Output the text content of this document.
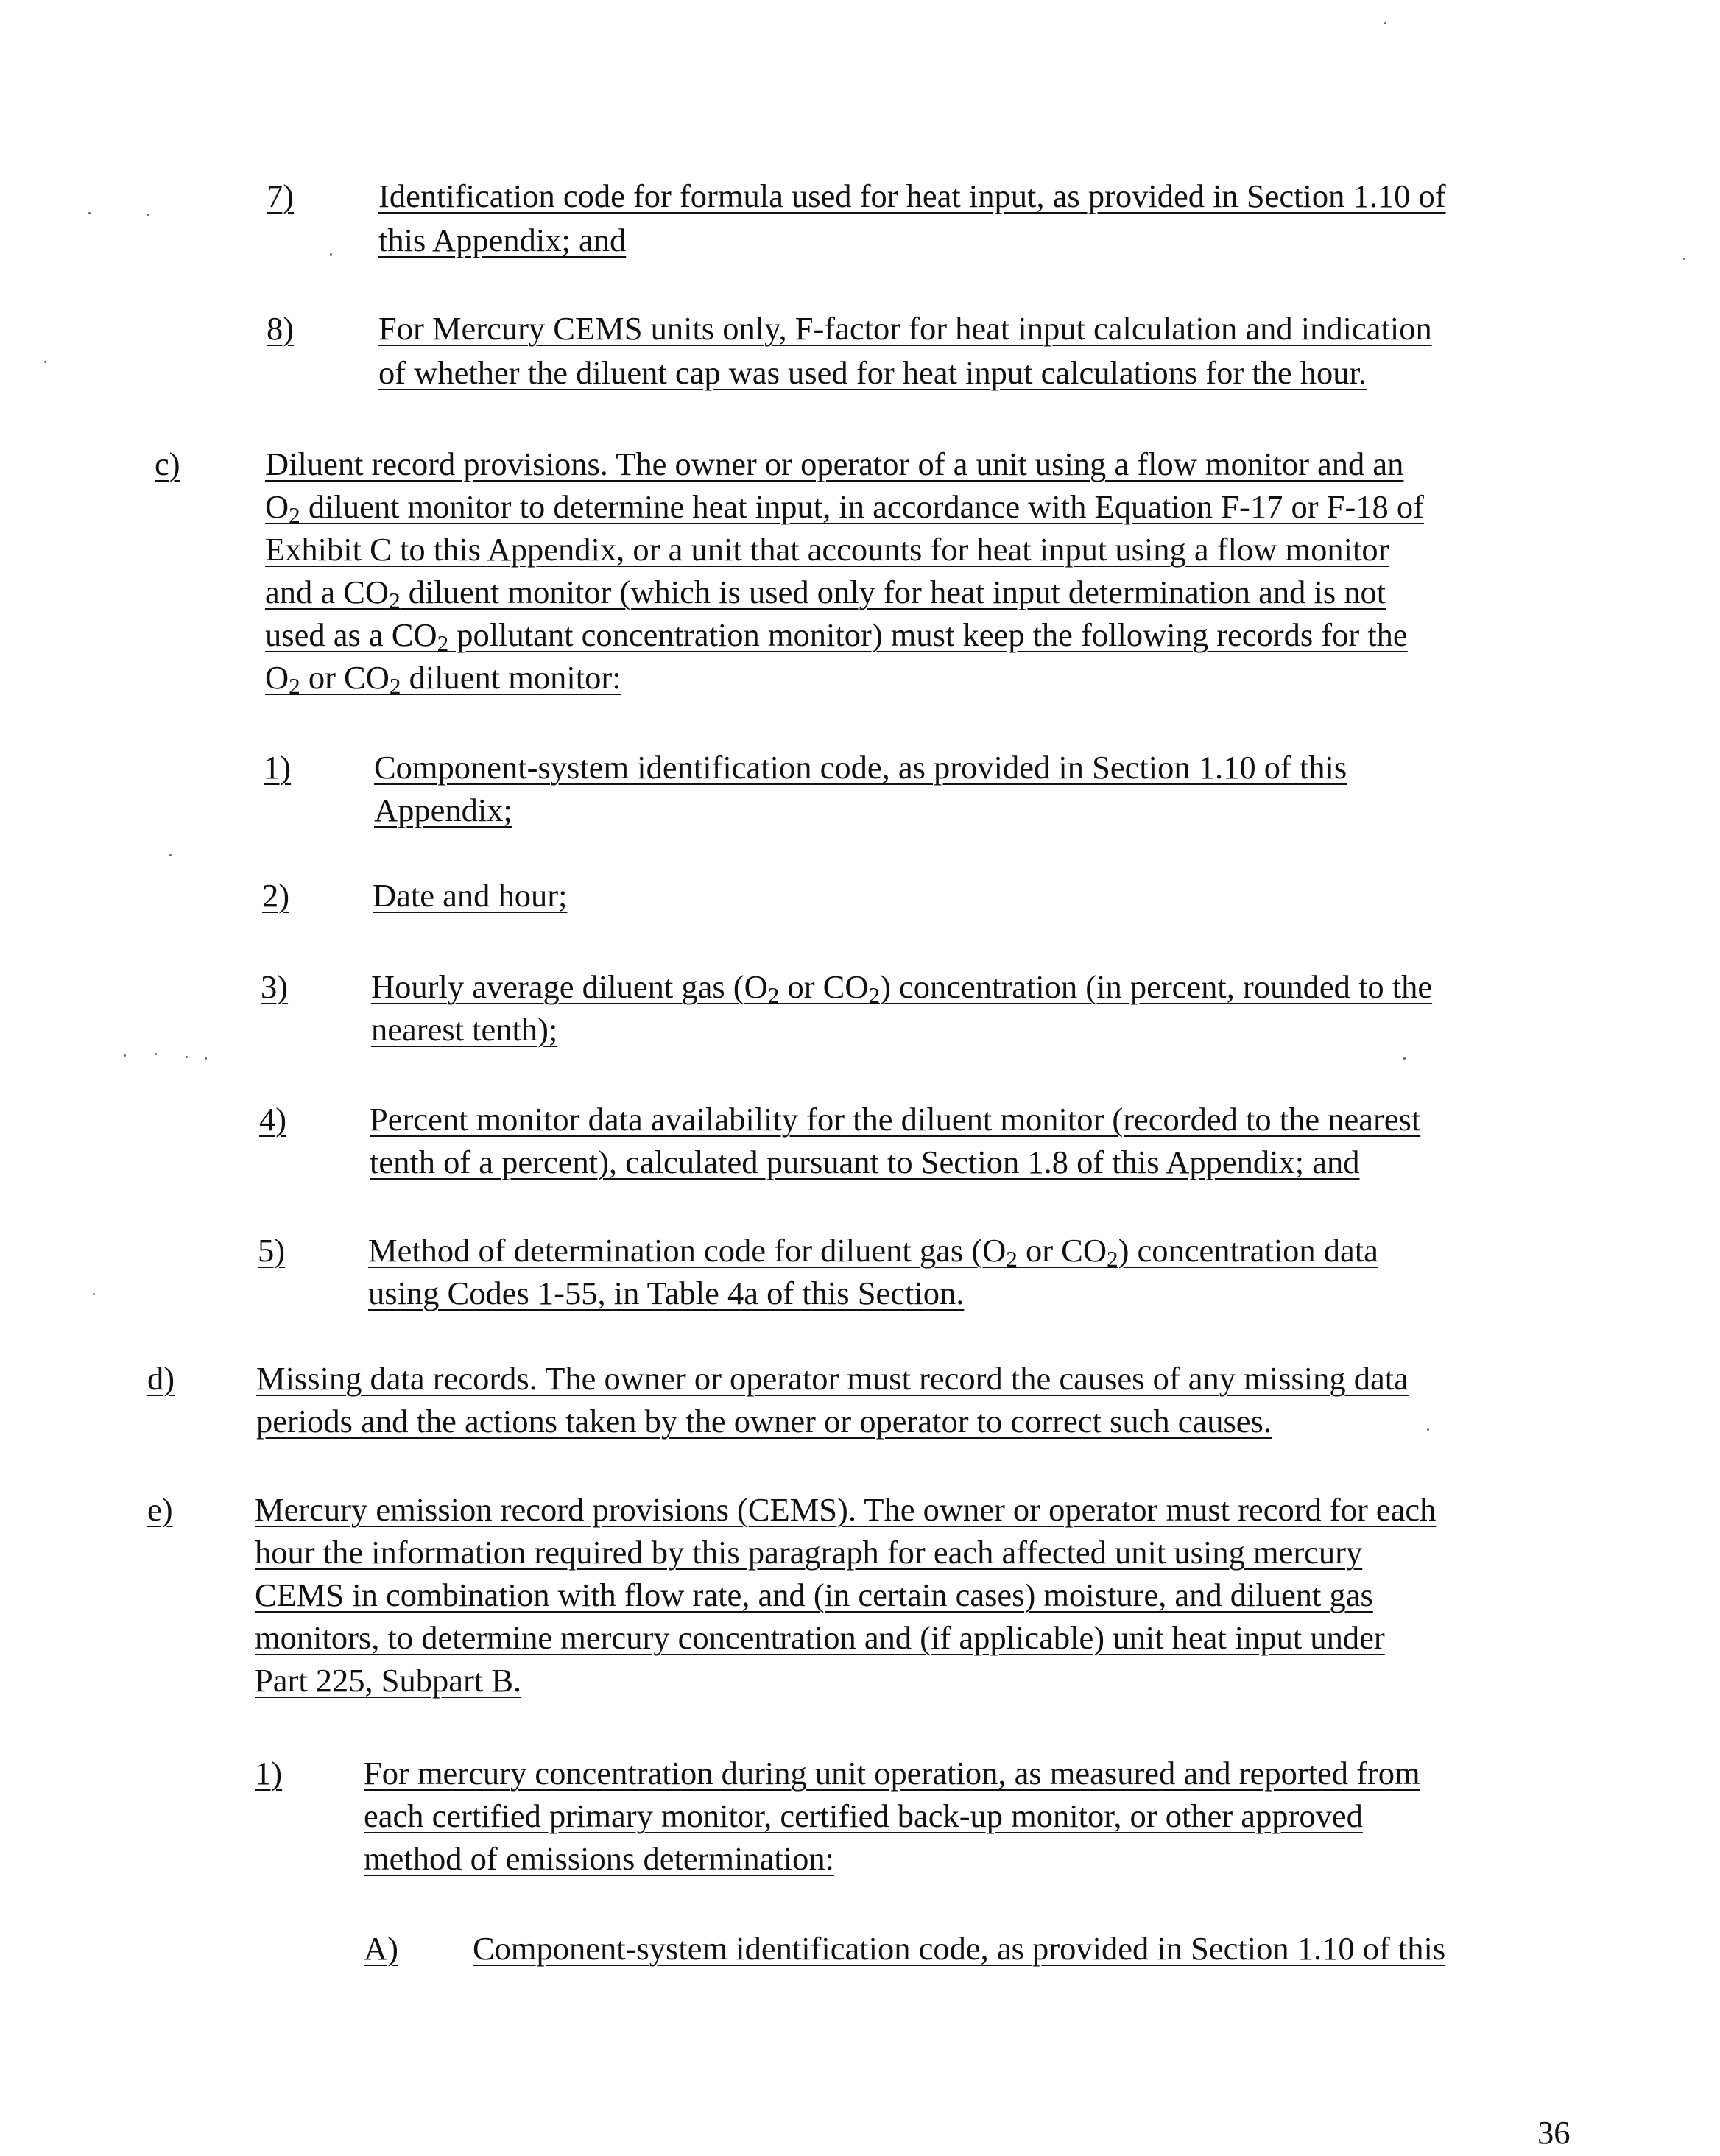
7)	Identification code for formula used for heat input, as provided in Section 1.10 of
this Appendix; and
8)	For Mercury CEMS units only, F-factor for heat input calculation and indication
of whether the diluent cap was used for heat input calculations for the hour.
c)	Diluent record provisions. The owner or operator of a unit using a flow monitor and an
$O_2$ diluent monitor to determine heat input, in accordance with Equation F-17 or F-18 of
Exhibit C to this Appendix, or a unit that accounts for heat input using a flow monitor
and a $CO_2$ diluent monitor (which is used only for heat input determination and is not
used as a $CO_2$ pollutant concentration monitor) must keep the following records for the
$O_2$ or $CO_2$ diluent monitor:
1)	Component-system identification code, as provided in Section 1.10 of this
Appendix;
2)	Date and hour;
3)	Hourly average diluent gas ($O_2$ or $CO_2$) concentration (in percent, rounded to the
nearest tenth);
4)	Percent monitor data availability for the diluent monitor (recorded to the nearest
tenth of a percent), calculated pursuant to Section 1.8 of this Appendix; and
5)	Method of determination code for diluent gas ($O_2$ or $CO_2$) concentration data
using Codes 1-55, in Table 4a of this Section.
d) Missing data records. The owner or operator must record the causes of any missing data
periods and the actions taken by the owner or operator to correct such causes.
e)	Mercury emission record provisions (CEMS). The owner or operator must record for each
hour the information required by this paragraph for each affected unit using mercury
CEMS in combination with flow rate, and (in certain cases) moisture, and diluent gas
monitors, to determine mercury concentration and (if applicable) unit heat input under
Part 225, Subpart B.
1) For mercury concentration during unit operation, as measured and reported from
each certified primary monitor, certified back-up monitor, or other approved
method of emissions determination:
A) Component-system identification code, as provided in Section 1.10 of this
36
